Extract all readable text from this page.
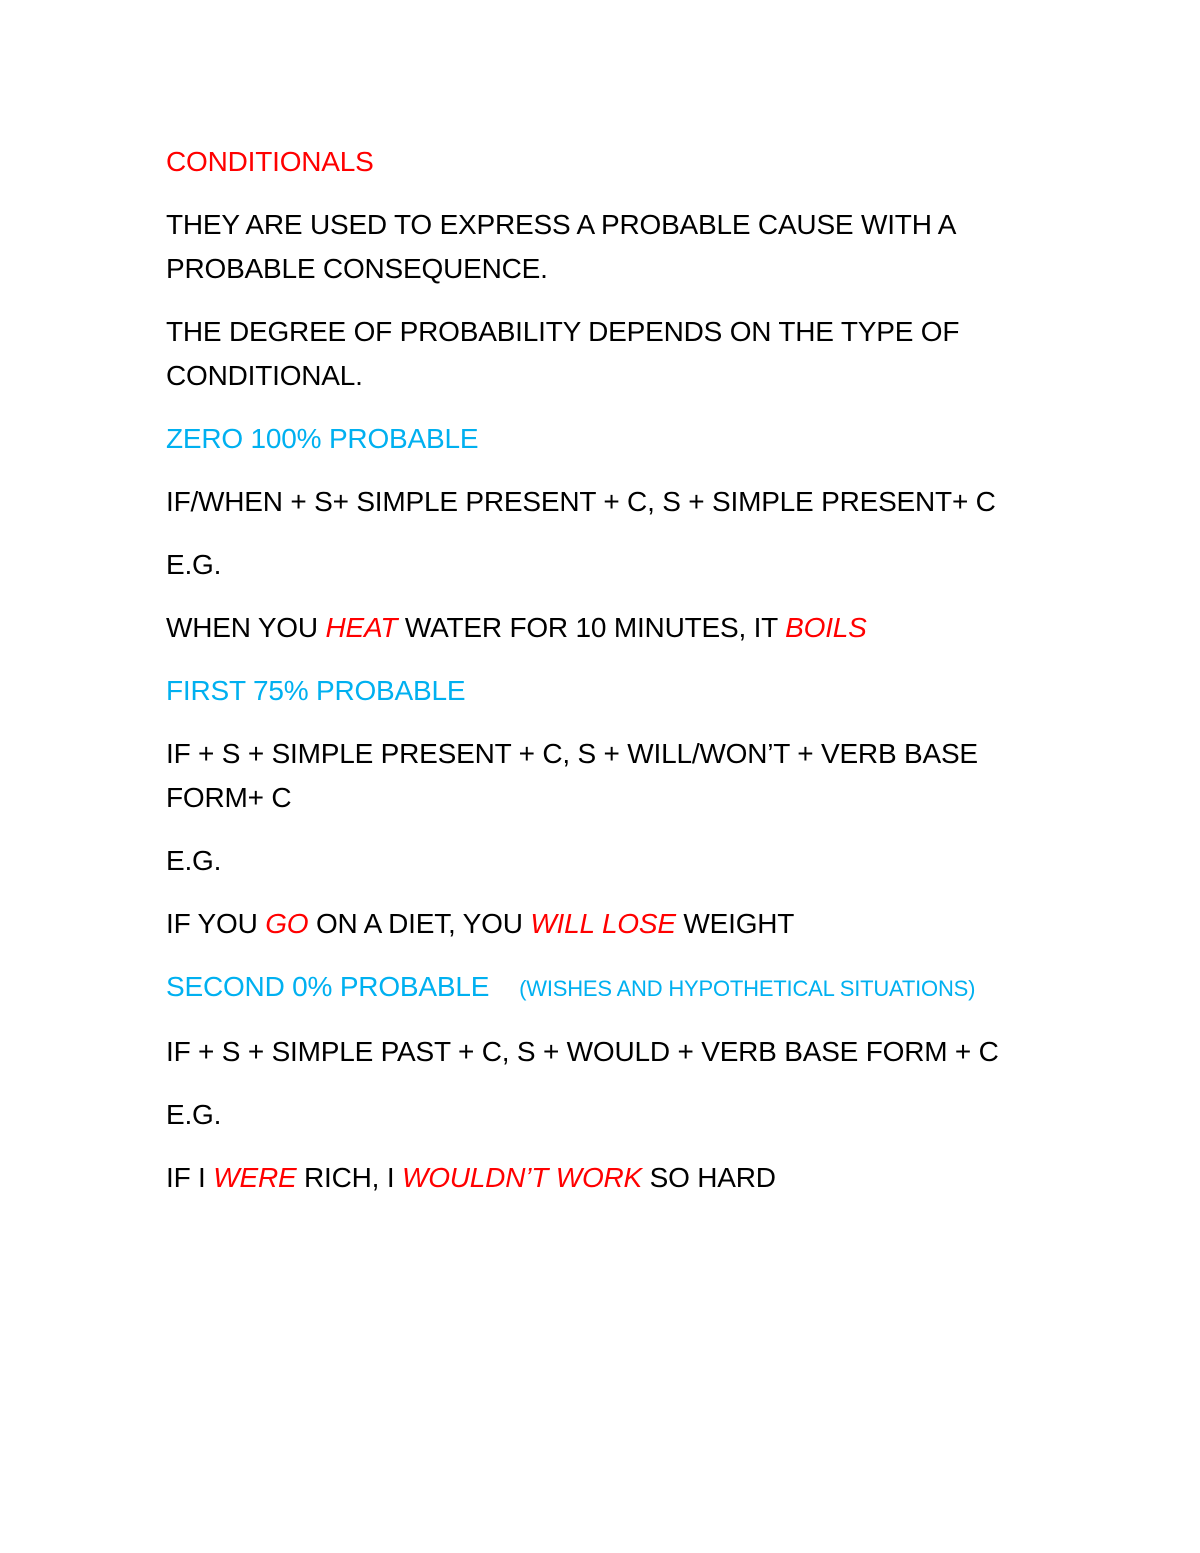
CONDITIONALS

THEY ARE USED TO EXPRESS A PROBABLE CAUSE WITH A

PROBABLE CONSEQUENCE.

THE DEGREE OF PROBABILITY DEPENDS ON THE TYPE OF

CONDITIONAL.

ZERO 100% PROBABLE

IF/WHEN + S+ SIMPLE PRESENT + C, S + SIMPLE PRESENT+ C

E.G.

WHEN YOU HEAT WATER FOR 10 MINUTES, IT BOILS

FIRST 75% PROBABLE

IF + S + SIMPLE PRESENT + C, S + WILL/WON’T + VERB BASE

FORM+ C

E.G.

IF YOU GO ON A DIET, YOU WILL LOSE WEIGHT

SECOND 0% PROBABLE (WISHES AND HYPOTHETICAL SITUATIONS)

IF + S + SIMPLE PAST + C, S + WOULD + VERB BASE FORM + C

E.G.

IF I WERE RICH, I WOULDN’T WORK SO HARD
